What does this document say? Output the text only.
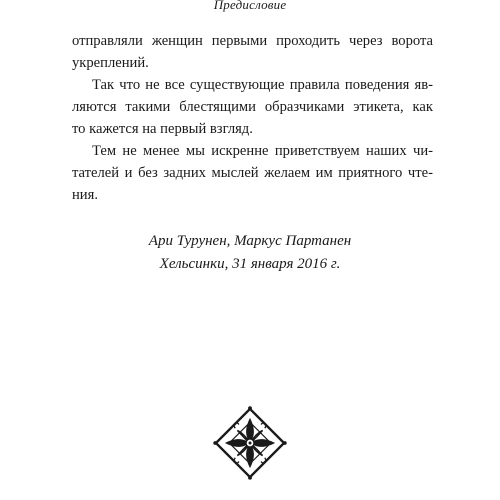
Предисловие
отправляли женщин первыми проходить через ворота
укреплений.
Так что не все существующие правила поведения яв-
ляются такими блестящими образчиками этикета, как
то кажется на первый взгляд.
Тем не менее мы искренне приветствуем наших чи-
тателей и без задних мыслей желаем им приятного чте-
ния.
Ари Турунен, Маркус Партанен
Хельсинки, 31 января 2016 г.
